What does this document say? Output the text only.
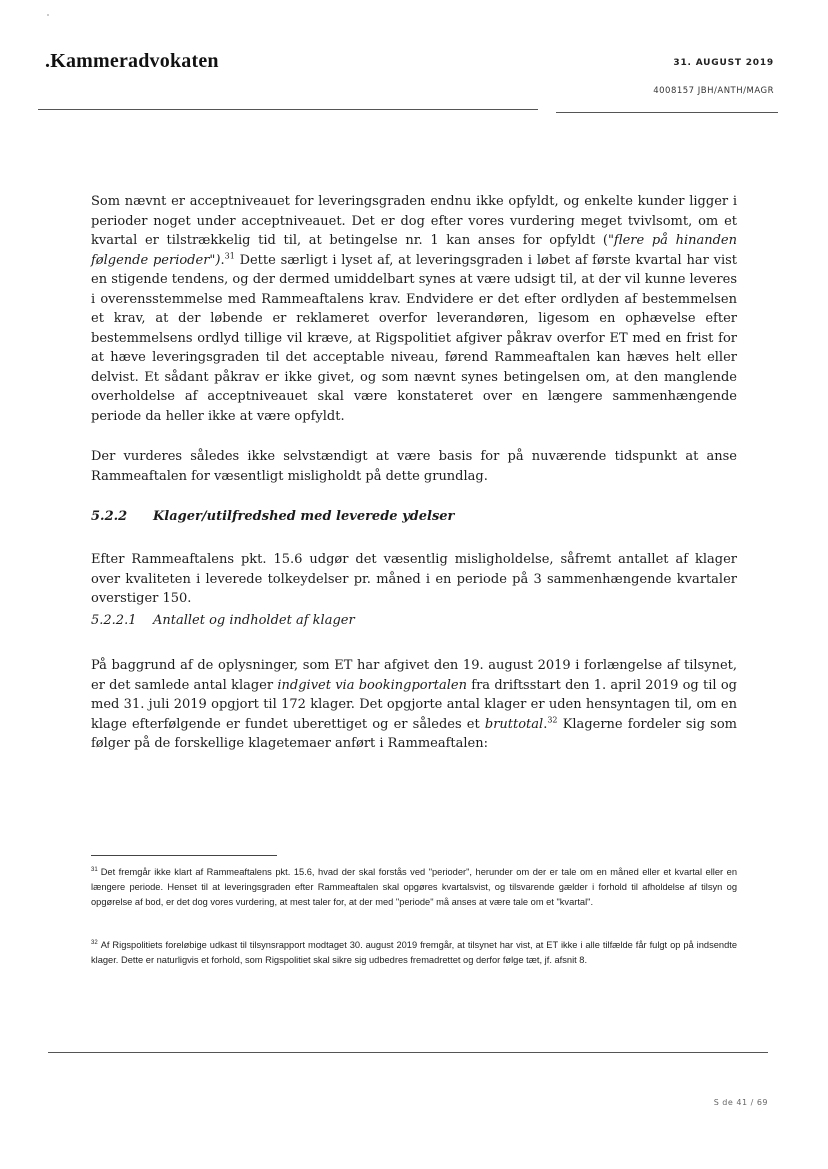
.Kammeradvokaten	31. AUGUST 2019
4008157 JBH/ANTH/MAGR

Som nævnt er acceptniveauet for leveringsgraden endnu ikke opfyldt, og enkelte kunder ligger i perioder noget under acceptniveauet. Det er dog efter vores vurdering meget tvivlsomt, om et kvartal er tilstrækkelig tid til, at betingelse nr. 1 kan anses for opfyldt ("flere på hinanden følgende perioder").$^{31}$ Dette særligt i lyset af, at leveringsgraden i løbet af første kvartal har vist en stigende tendens, og der dermed umiddelbart synes at være udsigt til, at der vil kunne leveres i overensstemmelse med Rammeaftalens krav. Endvidere er det efter ordlyden af bestemmelsen et krav, at der løbende er reklameret overfor leverandøren, ligesom en ophævelse efter bestemmelsens ordlyd tillige vil kræve, at Rigspolitiet afgiver påkrav overfor ET med en frist for at hæve leveringsgraden til det acceptable niveau, førend Rammeaftalen kan hæves helt eller delvist. Et sådant påkrav er ikke givet, og som nævnt synes betingelsen om, at den manglende overholdelse af acceptniveauet skal være konstateret over en længere sammenhængende periode da heller ikke at være opfyldt.

Der vurderes således ikke selvstændigt at være basis for på nuværende tidspunkt at anse Rammeaftalen for væsentligt misligholdt på dette grundlag.

5.2.2 Klager/utilfredshed med leverede ydelser

Efter Rammeaftalens pkt. 15.6 udgør det væsentlig misligholdelse, såfremt antallet af klager over kvaliteten i leverede tolkeydelser pr. måned i en periode på 3 sammenhængende kvartaler overstiger 150.

5.2.2.1 Antallet og indholdet af klager

På baggrund af de oplysninger, som ET har afgivet den 19. august 2019 i forlængelse af tilsynet, er det samlede antal klager indgivet via bookingportalen fra driftsstart den 1. april 2019 og til og med 31. juli 2019 opgjort til 172 klager. Det opgjorte antal klager er uden hensyntagen til, om en klage efterfølgende er fundet uberettiget og er således et bruttotal.$^{32}$ Klagerne fordeler sig som følger på de forskellige klagetemaer anført i Rammeaftalen:

$^{31}$ Det fremgår ikke klart af Rammeaftalens pkt. 15.6, hvad der skal forstås ved "perioder", herunder om der er tale om en måned eller et kvartal eller en længere periode. Henset til at leveringsgraden efter Rammeaftalen skal opgøres kvartalsvist, og tilsvarende gælder i forhold til afholdelse af tilsyn og opgørelse af bod, er det dog vores vurdering, at mest taler for, at der med "periode" må anses at være tale om et "kvartal".
$^{32}$ Af Rigspolitiets foreløbige udkast til tilsynsrapport modtaget 30. august 2019 fremgår, at tilsynet har vist, at ET ikke i alle tilfælde får fulgt op på indsendte klager. Dette er naturligvis et forhold, som Rigspolitiet skal sikre sig udbedres fremadrettet og derfor følge tæt, jf. afsnit 8.
S de 41 / 69
